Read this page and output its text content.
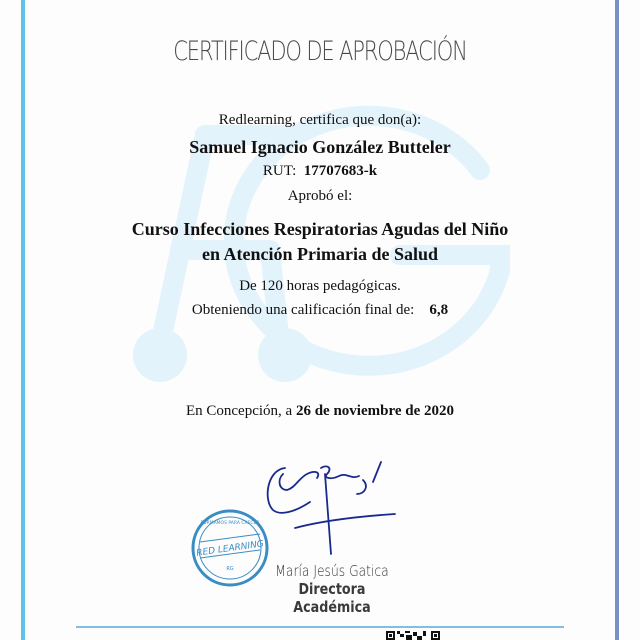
CERTIFICADO DE APROBACIÓN
Redlearning, certifica que don(a):
Samuel Ignacio González Butteler
RUT: 17707683-k
Aprobó el:
Curso Infecciones Respiratorias Agudas del Niño
en Atención Primaria de Salud
De 120 horas pedagógicas.
Obteniendo una calificación final de: 6,8
En Concepción, a 26 de noviembre de 2020
RED LEARNING
FORMAMOS PARA CRECER
RG	María Jesús Gatica
Directora Académica
